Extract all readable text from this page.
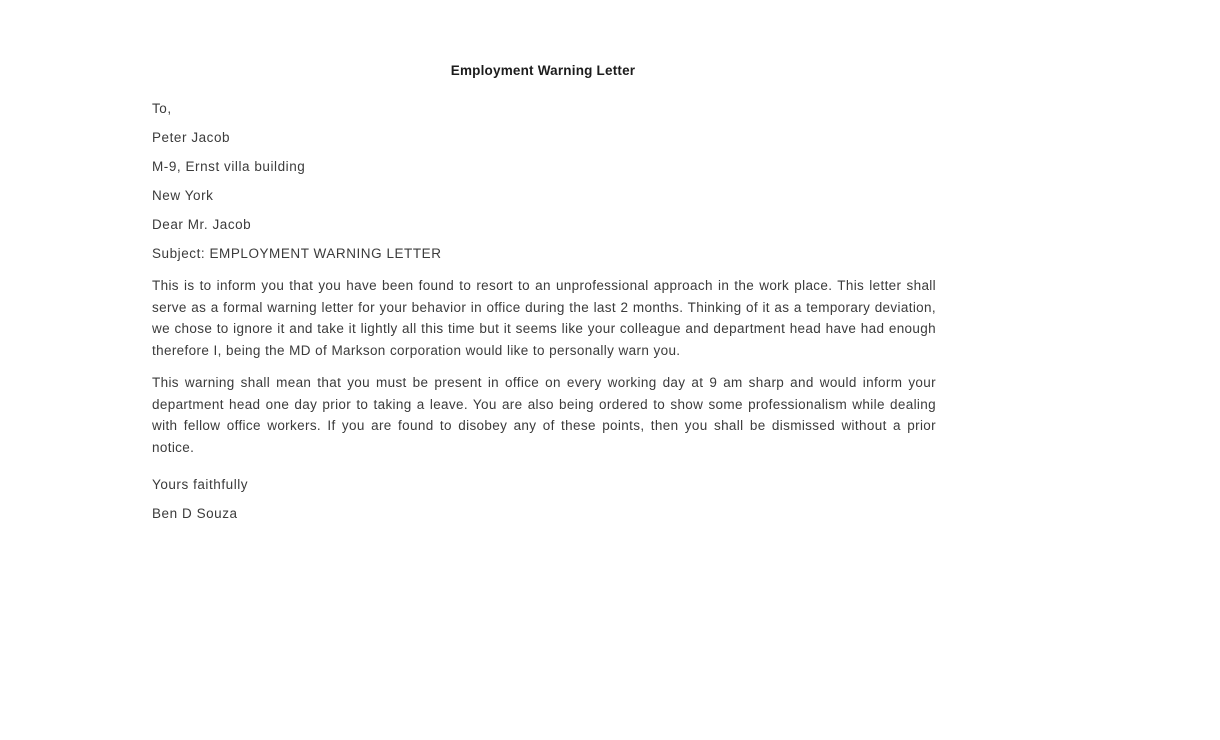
Employment Warning Letter

To,

Peter Jacob

M-9, Ernst villa building

New York

Dear Mr. Jacob

Subject: EMPLOYMENT WARNING LETTER

This is to inform you that you have been found to resort to an unprofessional approach in the work place. This letter shall serve as a formal warning letter for your behavior in office during the last 2 months. Thinking of it as a temporary deviation, we chose to ignore it and take it lightly all this time but it seems like your colleague and department head have had enough therefore I, being the MD of Markson corporation would like to personally warn you.

This warning shall mean that you must be present in office on every working day at 9 am sharp and would inform your department head one day prior to taking a leave. You are also being ordered to show some professionalism while dealing with fellow office workers. If you are found to disobey any of these points, then you shall be dismissed without a prior notice.

Yours faithfully

Ben D Souza
